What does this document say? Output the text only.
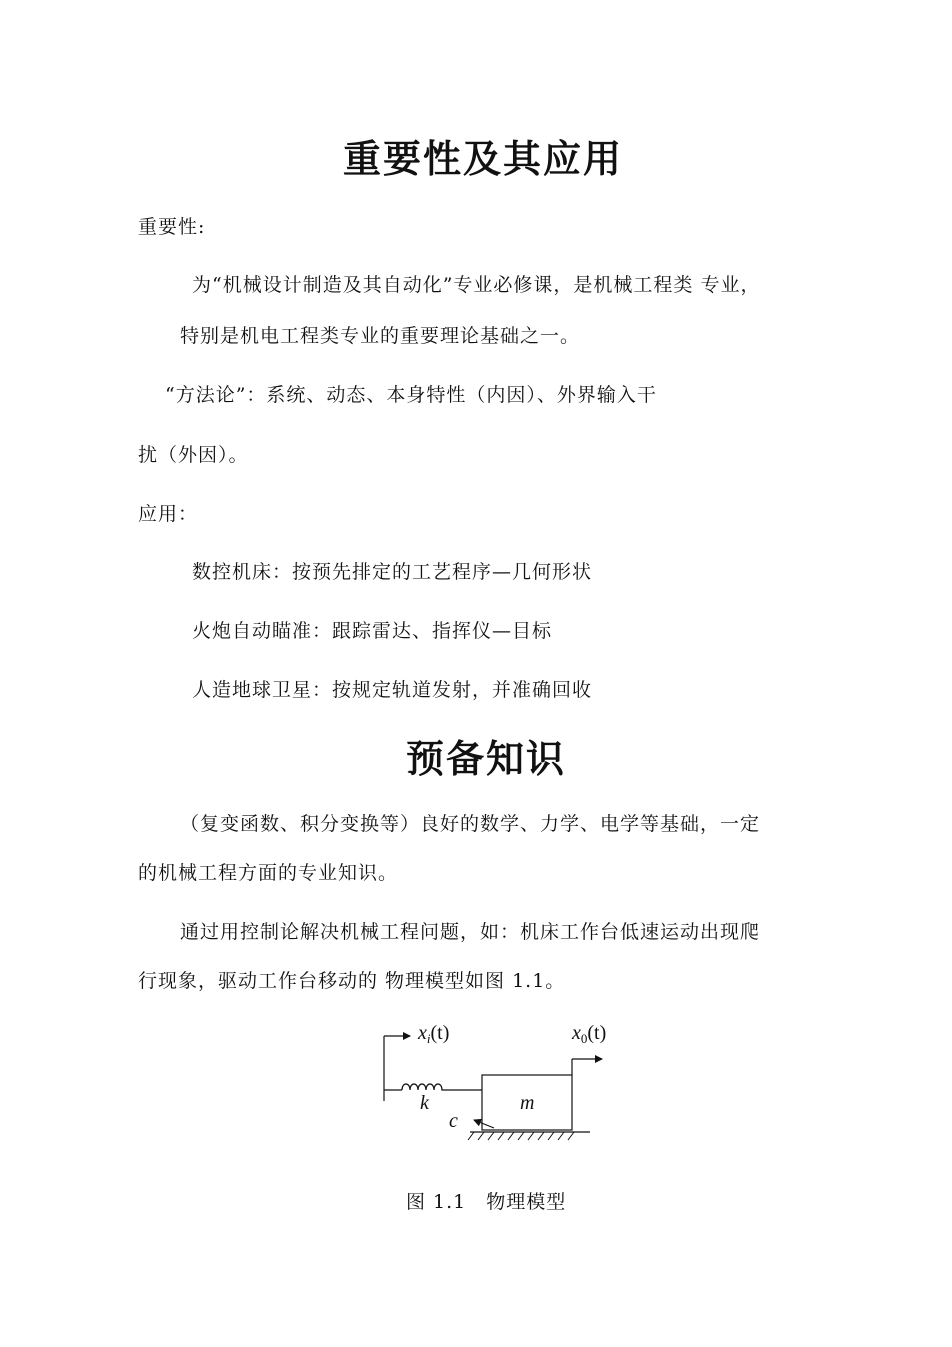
重要性及其应用
重要性:
为“机械设计制造及其自动化”专业必修课，是机械工程类 专业，
特别是机电工程类专业的重要理论基础之一。
“方法论”：系统、动态、本身特性（内因）、外界输入干
扰（外因）。
应用：
数控机床：按预先排定的工艺程序—几何形状
火炮自动瞄准：跟踪雷达、指挥仪—目标
人造地球卫星：按规定轨道发射，并准确回收
预备知识
（复变函数、积分变换等）良好的数学、力学、电学等基础，一定
的机械工程方面的专业知识。
通过用控制论解决机械工程问题，如：机床工作台低速运动出现爬
行现象，驱动工作台移动的 物理模型如图 1.1。
$x_i(t)$	$x_0(t)$
k
c
m
图 1.1　物理模型
